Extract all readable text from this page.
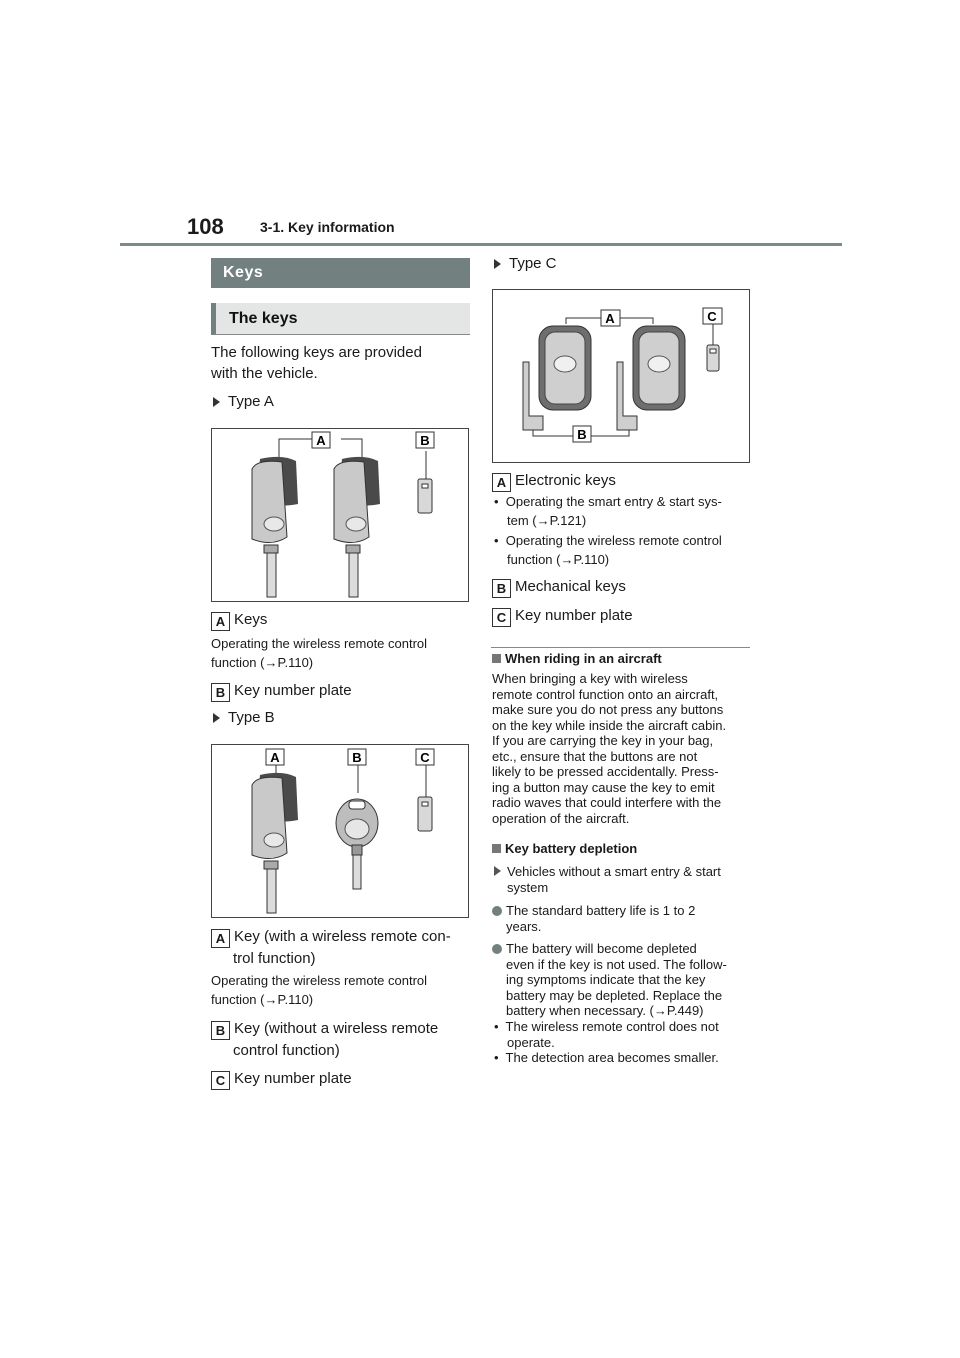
108	3-1. Key information
Keys
The keys
The following keys are provided
with the vehicle.
Type A
A	B
A Keys
Operating the wireless remote control
function (→P.110)
B Key number plate
Type B
A	B	C
A Key (with a wireless remote con-
trol function)
Operating the wireless remote control
function (→P.110)
B Key (without a wireless remote
control function)
C Key number plate
Type C
A	C
B
A Electronic keys
•  Operating the smart entry & start sys-
tem (→P.121)
•  Operating the wireless remote control
function (→P.110)
B Mechanical keys
C Key number plate
When riding in an aircraft
When bringing a key with wireless
remote control function onto an aircraft,
make sure you do not press any buttons
on the key while inside the aircraft cabin.
If you are carrying the key in your bag,
etc., ensure that the buttons are not
likely to be pressed accidentally. Press-
ing a button may cause the key to emit
radio waves that could interfere with the
operation of the aircraft.
Key battery depletion
Vehicles without a smart entry & start
system
The standard battery life is 1 to 2
years.
The battery will become depleted
even if the key is not used. The follow-
ing symptoms indicate that the key
battery may be depleted. Replace the
battery when necessary. (→P.449)
•  The wireless remote control does not
operate.
•  The detection area becomes smaller.
